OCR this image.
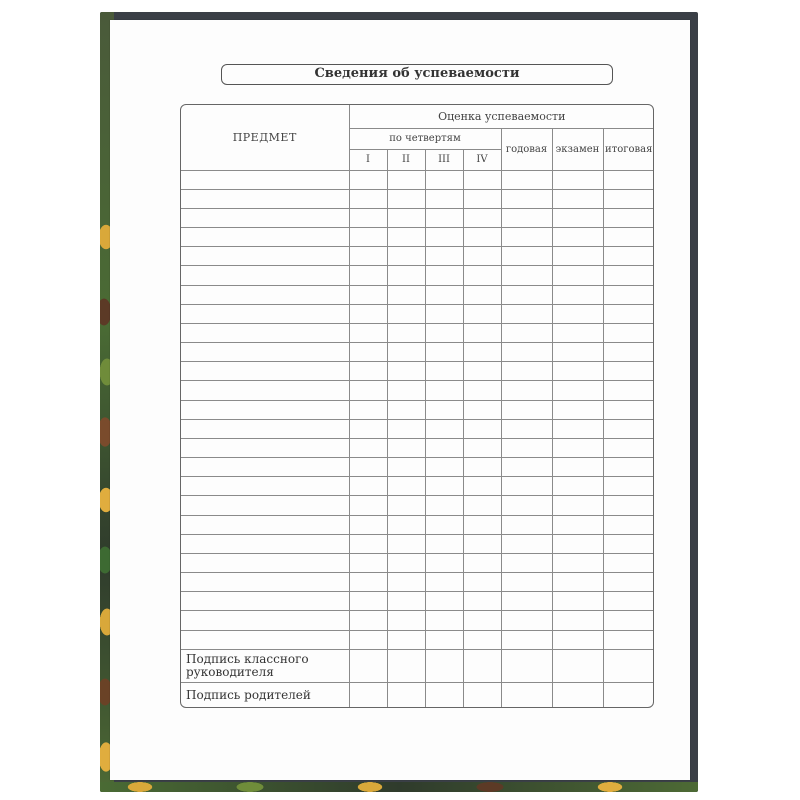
Сведения об успеваемости
ПРЕДМЕТ	Оценка успеваемости						
	по четвертям				годовая	экзамен	итоговая
	I	II	III	IV			

Подпись классного руководителя							
Подпись родителей							
